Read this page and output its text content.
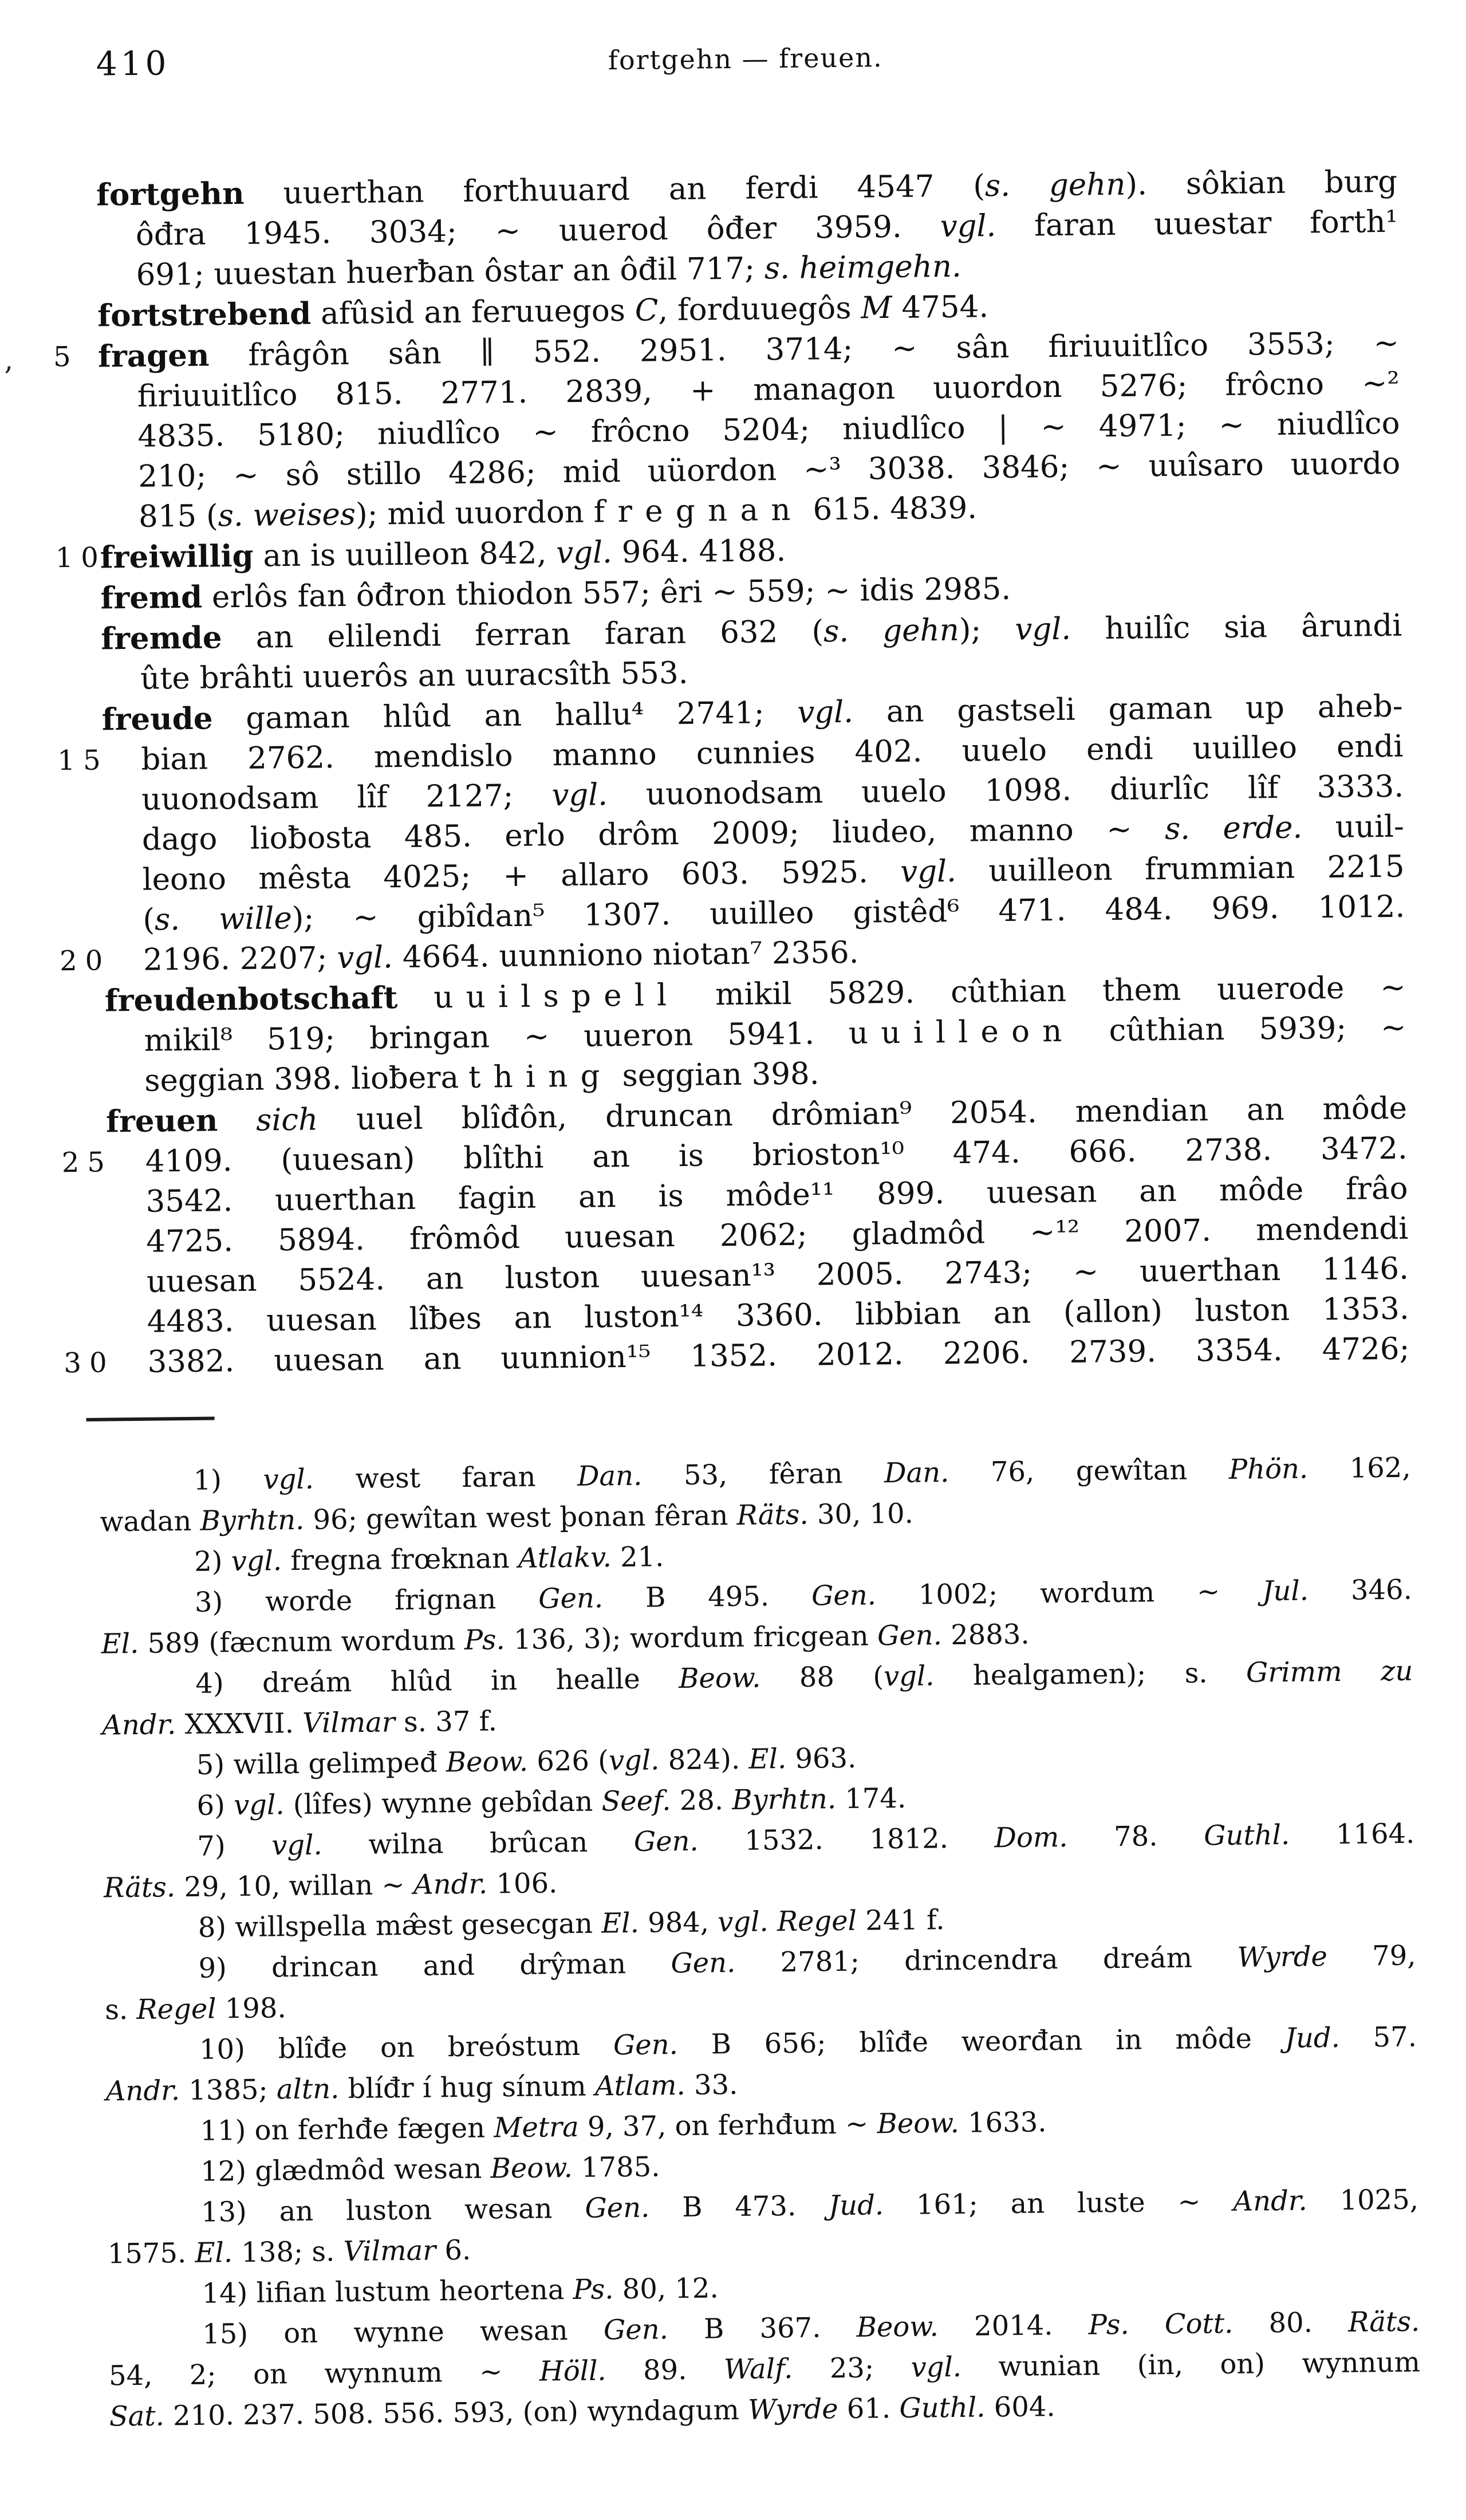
410	fortgehn — freuen.
,
fortgehn uuerthan forthuuard an ferdi 4547 (s. gehn). sôkian burg
ôđra 1945. 3034; ∼ uuerod ôđer 3959. vgl. faran uuestar forth¹
691; uuestan huerƀan ôstar an ôđil 717; s. heimgehn.
fortstrebend afûsid an feruuegos C, forduuegôs M 4754.
5 fragen frâgôn sân ∥ 552. 2951. 3714; ∼ sân firiuuitlîco 3553; ∼
firiuuitlîco 815. 2771. 2839, + managon uuordon 5276; frôcno ∼²
4835. 5180; niudlîco ∼ frôcno 5204; niudlîco | ∼ 4971; ∼ niudlîco
210; ∼ sô stillo 4286; mid uüordon ∼³ 3038. 3846; ∼ uuîsaro uuordo
815 (s. weises); mid uuordon fregnan 615. 4839.
10
freiwillig an is uuilleon 842, vgl. 964. 4188.
fremd erlôs fan ôđron thiodon 557; êri ∼ 559; ∼ idis 2985.
fremde an elilendi ferran faran 632 (s. gehn); vgl. huilîc sia ârundi
ûte brâhti uuerôs an uuracsîth 553.
freude gaman hlûd an hallu⁴ 2741; vgl. an gastseli gaman up aheb-
15 bian 2762. mendislo manno cunnies 402. uuelo endi uuilleo endi
uuonodsam lîf 2127; vgl. uuonodsam uuelo 1098. diurlîc lîf 3333.
dago lioƀosta 485. erlo drôm 2009; liudeo, manno ∼ s. erde. uuil-
leono mêsta 4025; + allaro 603. 5925. vgl. uuilleon frummian 2215
(s. wille); ∼ gibîdan⁵ 1307. uuilleo gistêd⁶ 471. 484. 969. 1012.
20 2196. 2207; vgl. 4664. uunniono niotan⁷ 2356.
freudenbotschaft uuilspell mikil 5829. cûthian them uuerode ∼
mikil⁸ 519; bringan ∼ uueron 5941. uuilleon cûthian 5939; ∼
seggian 398. lioƀera thing seggian 398.
freuen sich uuel blîđôn, druncan drômian⁹ 2054. mendian an môde
25 4109. (uuesan) blîthi an is brioston¹⁰ 474. 666. 2738. 3472.
3542. uuerthan fagin an is môde¹¹ 899. uuesan an môde frâo
4725. 5894. frômôd uuesan 2062; gladmôd ∼¹² 2007. mendendi
uuesan 5524. an luston uuesan¹³ 2005. 2743; ∼ uuerthan 1146.
4483. uuesan lîƀes an luston¹⁴ 3360. libbian an (allon) luston 1353.
30 3382. uuesan an uunnion¹⁵ 1352. 2012. 2206. 2739. 3354. 4726;
1) vgl. west faran Dan. 53, fêran Dan. 76, gewîtan Phön. 162,
wadan Byrhtn. 96; gewîtan west þonan fêran Räts. 30, 10.
2) vgl. fregna frœknan Atlakv. 21.
3) worde frignan Gen. B 495. Gen. 1002; wordum ∼ Jul. 346.
El. 589 (fæcnum wordum Ps. 136, 3); wordum fricgean Gen. 2883.
4) dreám hlûd in healle Beow. 88 (vgl. healgamen); s. Grimm zu
Andr. XXXVII. Vilmar s. 37 f.
5) willa gelimpeđ Beow. 626 (vgl. 824). El. 963.
6) vgl. (lîfes) wynne gebîdan Seef. 28. Byrhtn. 174.
7) vgl. wilna brûcan Gen. 1532. 1812. Dom. 78. Guthl. 1164.
Räts. 29, 10, willan ∼ Andr. 106.
8) willspella mæ̂st gesecgan El. 984, vgl. Regel 241 f.
9) drincan and drŷman Gen. 2781; drincendra dreám Wyrde 79,
s. Regel 198.
10) blîđe on breóstum Gen. B 656; blîđe weorđan in môde Jud. 57.
Andr. 1385; altn. blíđr í hug sínum Atlam. 33.
11) on ferhđe fægen Metra 9, 37, on ferhđum ∼ Beow. 1633.
12) glædmôd wesan Beow. 1785.
13) an luston wesan Gen. B 473. Jud. 161; an luste ∼ Andr. 1025,
1575. El. 138; s. Vilmar 6.
14) lifian lustum heortena Ps. 80, 12.
15) on wynne wesan Gen. B 367. Beow. 2014. Ps. Cott. 80. Räts.
54, 2; on wynnum ∼ Höll. 89. Walf. 23; vgl. wunian (in, on) wynnum
Sat. 210. 237. 508. 556. 593, (on) wyndagum Wyrde 61. Guthl. 604.
